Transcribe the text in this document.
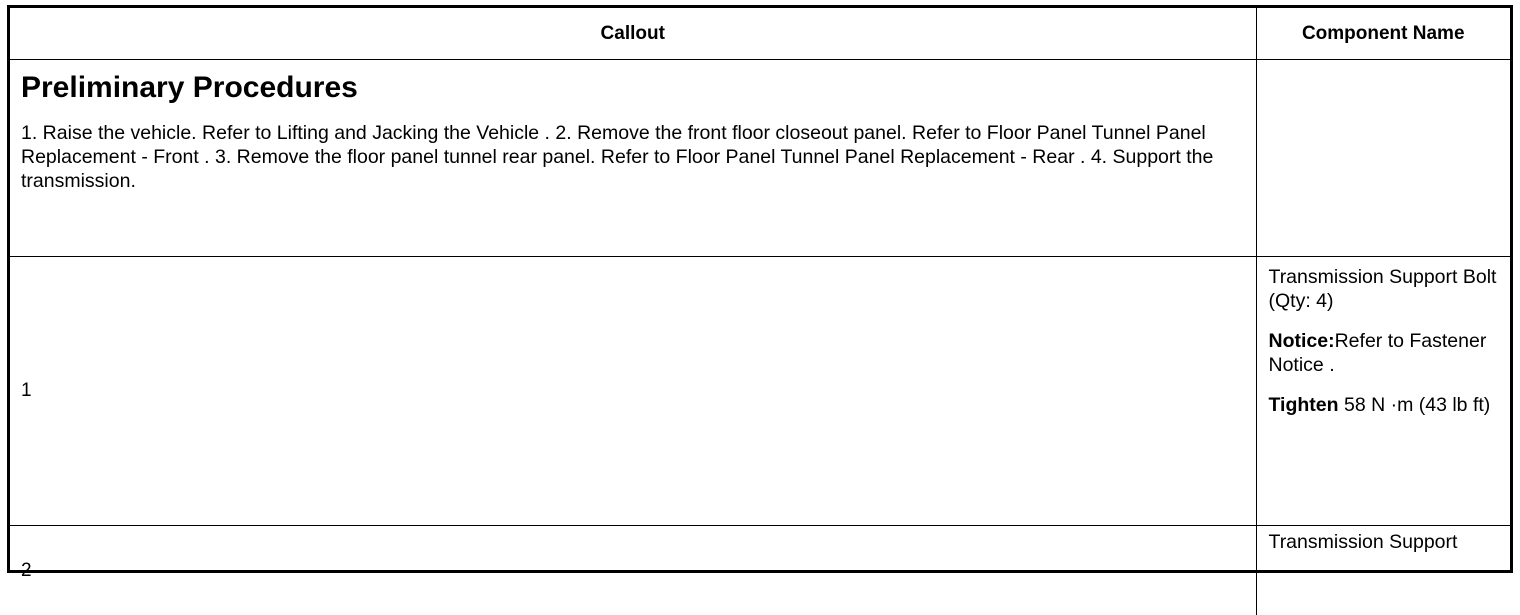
Callout	Component Name

Preliminary Procedures

1. Raise the vehicle. Refer to Lifting and Jacking the Vehicle . 2. Remove the front floor closeout panel. Refer to Floor Panel Tunnel Panel Replacement - Front . 3. Remove the floor panel tunnel rear panel. Refer to Floor Panel Tunnel Panel Replacement - Rear . 4. Support the transmission.	

1	Transmission Support Bolt (Qty: 4)

Notice:Refer to Fastener Notice .

Tighten 58 N ·m (43 lb ft)

2	Transmission Support
